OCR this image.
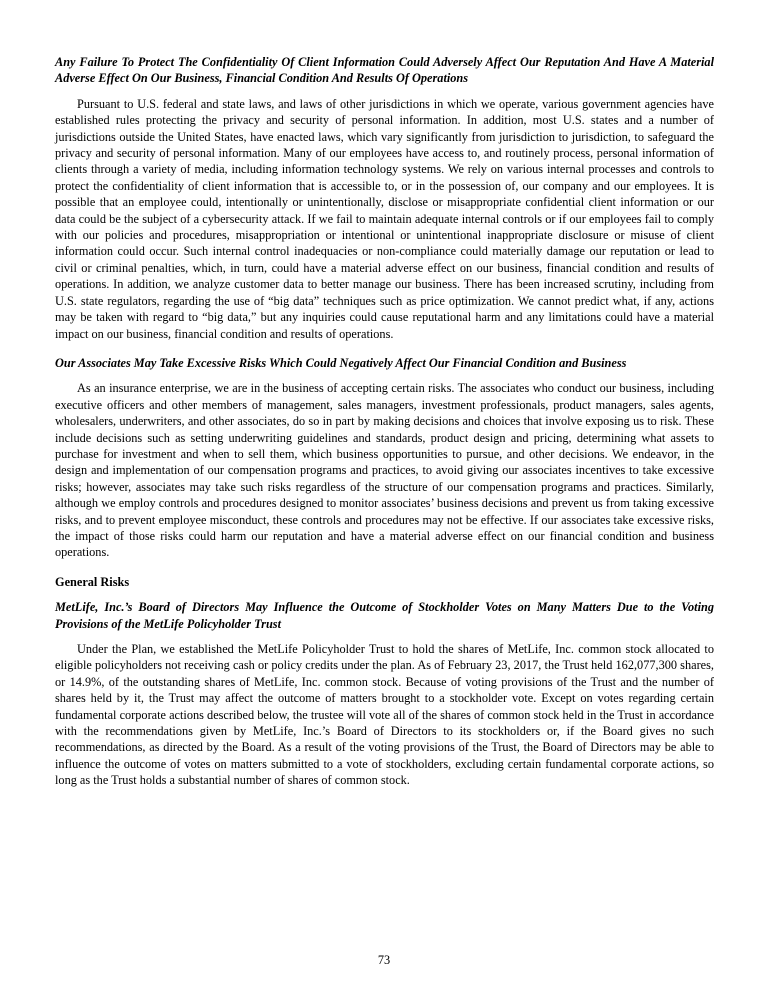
Any Failure To Protect The Confidentiality Of Client Information Could Adversely Affect Our Reputation And Have A Material Adverse Effect On Our Business, Financial Condition And Results Of Operations

Pursuant to U.S. federal and state laws, and laws of other jurisdictions in which we operate, various government agencies have established rules protecting the privacy and security of personal information. In addition, most U.S. states and a number of jurisdictions outside the United States, have enacted laws, which vary significantly from jurisdiction to jurisdiction, to safeguard the privacy and security of personal information. Many of our employees have access to, and routinely process, personal information of clients through a variety of media, including information technology systems. We rely on various internal processes and controls to protect the confidentiality of client information that is accessible to, or in the possession of, our company and our employees. It is possible that an employee could, intentionally or unintentionally, disclose or misappropriate confidential client information or our data could be the subject of a cybersecurity attack. If we fail to maintain adequate internal controls or if our employees fail to comply with our policies and procedures, misappropriation or intentional or unintentional inappropriate disclosure or misuse of client information could occur. Such internal control inadequacies or non-compliance could materially damage our reputation or lead to civil or criminal penalties, which, in turn, could have a material adverse effect on our business, financial condition and results of operations. In addition, we analyze customer data to better manage our business. There has been increased scrutiny, including from U.S. state regulators, regarding the use of “big data” techniques such as price optimization. We cannot predict what, if any, actions may be taken with regard to “big data,” but any inquiries could cause reputational harm and any limitations could have a material impact on our business, financial condition and results of operations.

Our Associates May Take Excessive Risks Which Could Negatively Affect Our Financial Condition and Business

As an insurance enterprise, we are in the business of accepting certain risks. The associates who conduct our business, including executive officers and other members of management, sales managers, investment professionals, product managers, sales agents, wholesalers, underwriters, and other associates, do so in part by making decisions and choices that involve exposing us to risk. These include decisions such as setting underwriting guidelines and standards, product design and pricing, determining what assets to purchase for investment and when to sell them, which business opportunities to pursue, and other decisions. We endeavor, in the design and implementation of our compensation programs and practices, to avoid giving our associates incentives to take excessive risks; however, associates may take such risks regardless of the structure of our compensation programs and practices. Similarly, although we employ controls and procedures designed to monitor associates’ business decisions and prevent us from taking excessive risks, and to prevent employee misconduct, these controls and procedures may not be effective. If our associates take excessive risks, the impact of those risks could harm our reputation and have a material adverse effect on our financial condition and business operations.

General Risks
MetLife, Inc.’s Board of Directors May Influence the Outcome of Stockholder Votes on Many Matters Due to the Voting Provisions of the MetLife Policyholder Trust

Under the Plan, we established the MetLife Policyholder Trust to hold the shares of MetLife, Inc. common stock allocated to eligible policyholders not receiving cash or policy credits under the plan. As of February 23, 2017, the Trust held 162,077,300 shares, or 14.9%, of the outstanding shares of MetLife, Inc. common stock. Because of voting provisions of the Trust and the number of shares held by it, the Trust may affect the outcome of matters brought to a stockholder vote. Except on votes regarding certain fundamental corporate actions described below, the trustee will vote all of the shares of common stock held in the Trust in accordance with the recommendations given by MetLife, Inc.’s Board of Directors to its stockholders or, if the Board gives no such recommendations, as directed by the Board. As a result of the voting provisions of the Trust, the Board of Directors may be able to influence the outcome of votes on matters submitted to a vote of stockholders, excluding certain fundamental corporate actions, so long as the Trust holds a substantial number of shares of common stock.

73
